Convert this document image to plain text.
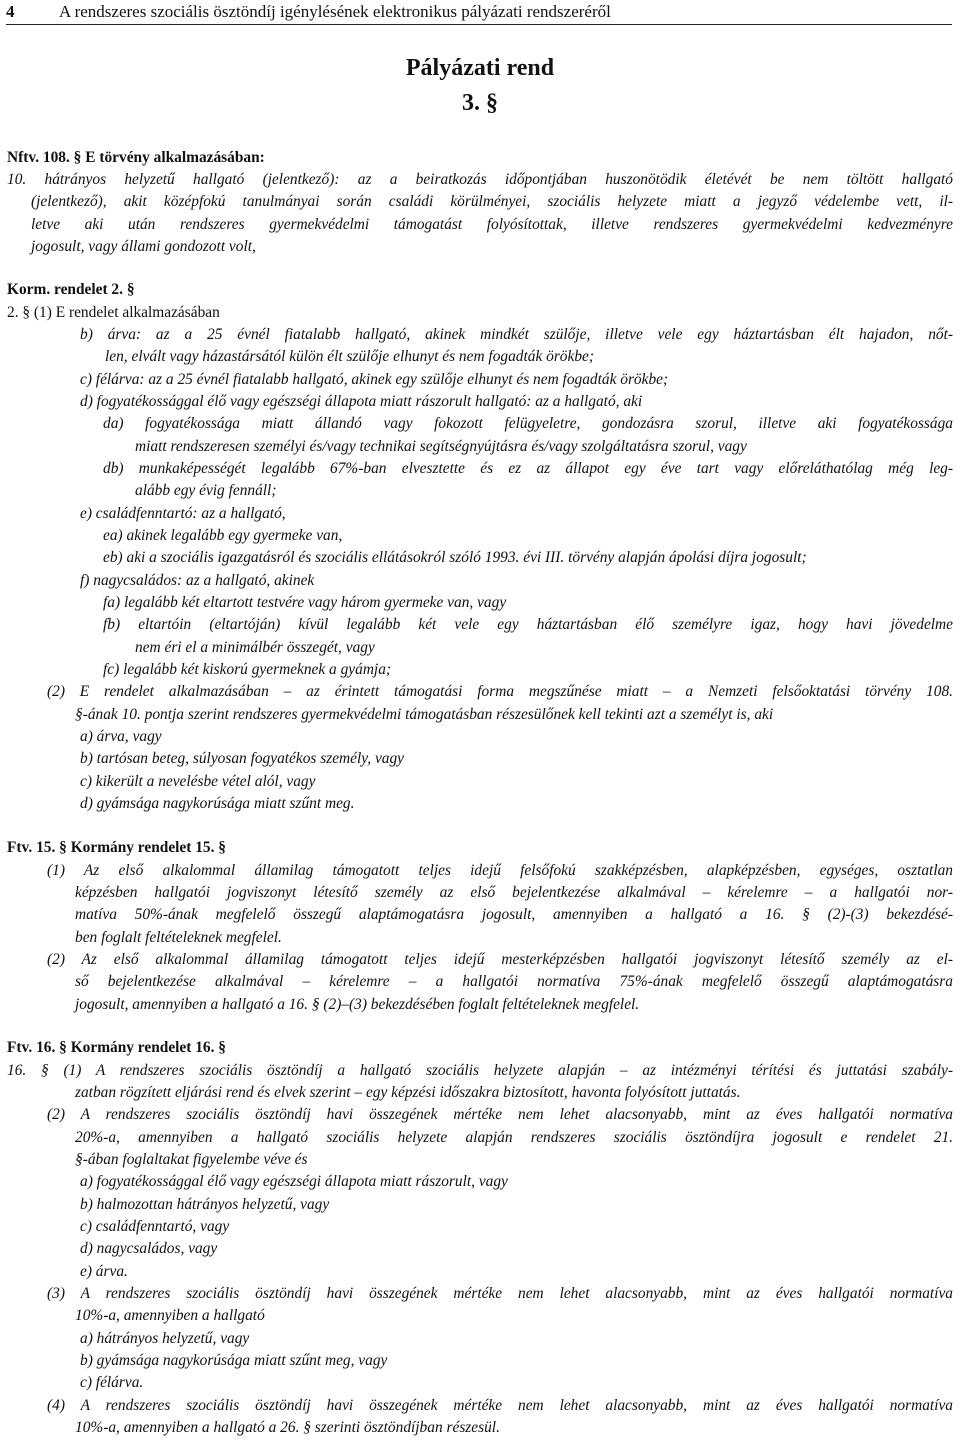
4	A rendszeres szociális ösztöndíj igénylésének elektronikus pályázati rendszeréről
Pályázati rend
3. §
Nftv. 108. § E törvény alkalmazásában:
10. hátrányos helyzetű hallgató (jelentkező): az a beiratkozás időpontjában huszonötödik életévét be nem töltött hallgató
(jelentkező), akit középfokú tanulmányai során családi körülményei, szociális helyzete miatt a jegyző védelembe vett, il-
letve aki után rendszeres gyermekvédelmi támogatást folyósítottak, illetve rendszeres gyermekvédelmi kedvezményre
jogosult, vagy állami gondozott volt,
Korm. rendelet 2. §
2. § (1) E rendelet alkalmazásában
b) árva: az a 25 évnél fiatalabb hallgató, akinek mindkét szülője, illetve vele egy háztartásban élt hajadon, nőt-
len, elvált vagy házastársától külön élt szülője elhunyt és nem fogadták örökbe;
c) félárva: az a 25 évnél fiatalabb hallgató, akinek egy szülője elhunyt és nem fogadták örökbe;
d) fogyatékossággal élő vagy egészségi állapota miatt rászorult hallgató: az a hallgató, aki
da) fogyatékossága miatt állandó vagy fokozott felügyeletre, gondozásra szorul, illetve aki fogyatékossága
miatt rendszeresen személyi és/vagy technikai segítségnyújtásra és/vagy szolgáltatásra szorul, vagy
db) munkaképességét legalább 67%-ban elvesztette és ez az állapot egy éve tart vagy előreláthatólag még leg-
alább egy évig fennáll;
e) családfenntartó: az a hallgató,
ea) akinek legalább egy gyermeke van,
eb) aki a szociális igazgatásról és szociális ellátásokról szóló 1993. évi III. törvény alapján ápolási díjra jogosult;
f) nagycsaládos: az a hallgató, akinek
fa) legalább két eltartott testvére vagy három gyermeke van, vagy
fb) eltartóin (eltartóján) kívül legalább két vele egy háztartásban élő személyre igaz, hogy havi jövedelme
nem éri el a minimálbér összegét, vagy
fc) legalább két kiskorú gyermeknek a gyámja;
(2) E rendelet alkalmazásában – az érintett támogatási forma megszűnése miatt – a Nemzeti felsőoktatási törvény 108.
§-ának 10. pontja szerint rendszeres gyermekvédelmi támogatásban részesülőnek kell tekinti azt a személyt is, aki
a) árva, vagy
b) tartósan beteg, súlyosan fogyatékos személy, vagy
c) kikerült a nevelésbe vétel alól, vagy
d) gyámsága nagykorúsága miatt szűnt meg.
Ftv. 15. § Kormány rendelet 15. §
(1) Az első alkalommal államilag támogatott teljes idejű felsőfokú szakképzésben, alapképzésben, egységes, osztatlan
képzésben hallgatói jogviszonyt létesítő személy az első bejelentkezése alkalmával – kérelemre – a hallgatói nor-
matíva 50%-ának megfelelő összegű alaptámogatásra jogosult, amennyiben a hallgató a 16. § (2)-(3) bekezdésé-
ben foglalt feltételeknek megfelel.
(2) Az első alkalommal államilag támogatott teljes idejű mesterképzésben hallgatói jogviszonyt létesítő személy az el-
ső bejelentkezése alkalmával – kérelemre – a hallgatói normatíva 75%-ának megfelelő összegű alaptámogatásra
jogosult, amennyiben a hallgató a 16. § (2)–(3) bekezdésében foglalt feltételeknek megfelel.
Ftv. 16. § Kormány rendelet 16. §
16. § (1) A rendszeres szociális ösztöndíj a hallgató szociális helyzete alapján – az intézményi térítési és juttatási szabály-
zatban rögzített eljárási rend és elvek szerint – egy képzési időszakra biztosított, havonta folyósított juttatás.
(2) A rendszeres szociális ösztöndíj havi összegének mértéke nem lehet alacsonyabb, mint az éves hallgatói normatíva
20%-a, amennyiben a hallgató szociális helyzete alapján rendszeres szociális ösztöndíjra jogosult e rendelet 21.
§-ában foglaltakat figyelembe véve és
a) fogyatékossággal élő vagy egészségi állapota miatt rászorult, vagy
b) halmozottan hátrányos helyzetű, vagy
c) családfenntartó, vagy
d) nagycsaládos, vagy
e) árva.
(3) A rendszeres szociális ösztöndíj havi összegének mértéke nem lehet alacsonyabb, mint az éves hallgatói normatíva
10%-a, amennyiben a hallgató
a) hátrányos helyzetű, vagy
b) gyámsága nagykorúsága miatt szűnt meg, vagy
c) félárva.
(4) A rendszeres szociális ösztöndíj havi összegének mértéke nem lehet alacsonyabb, mint az éves hallgatói normatíva
10%-a, amennyiben a hallgató a 26. § szerinti ösztöndíjban részesül.
